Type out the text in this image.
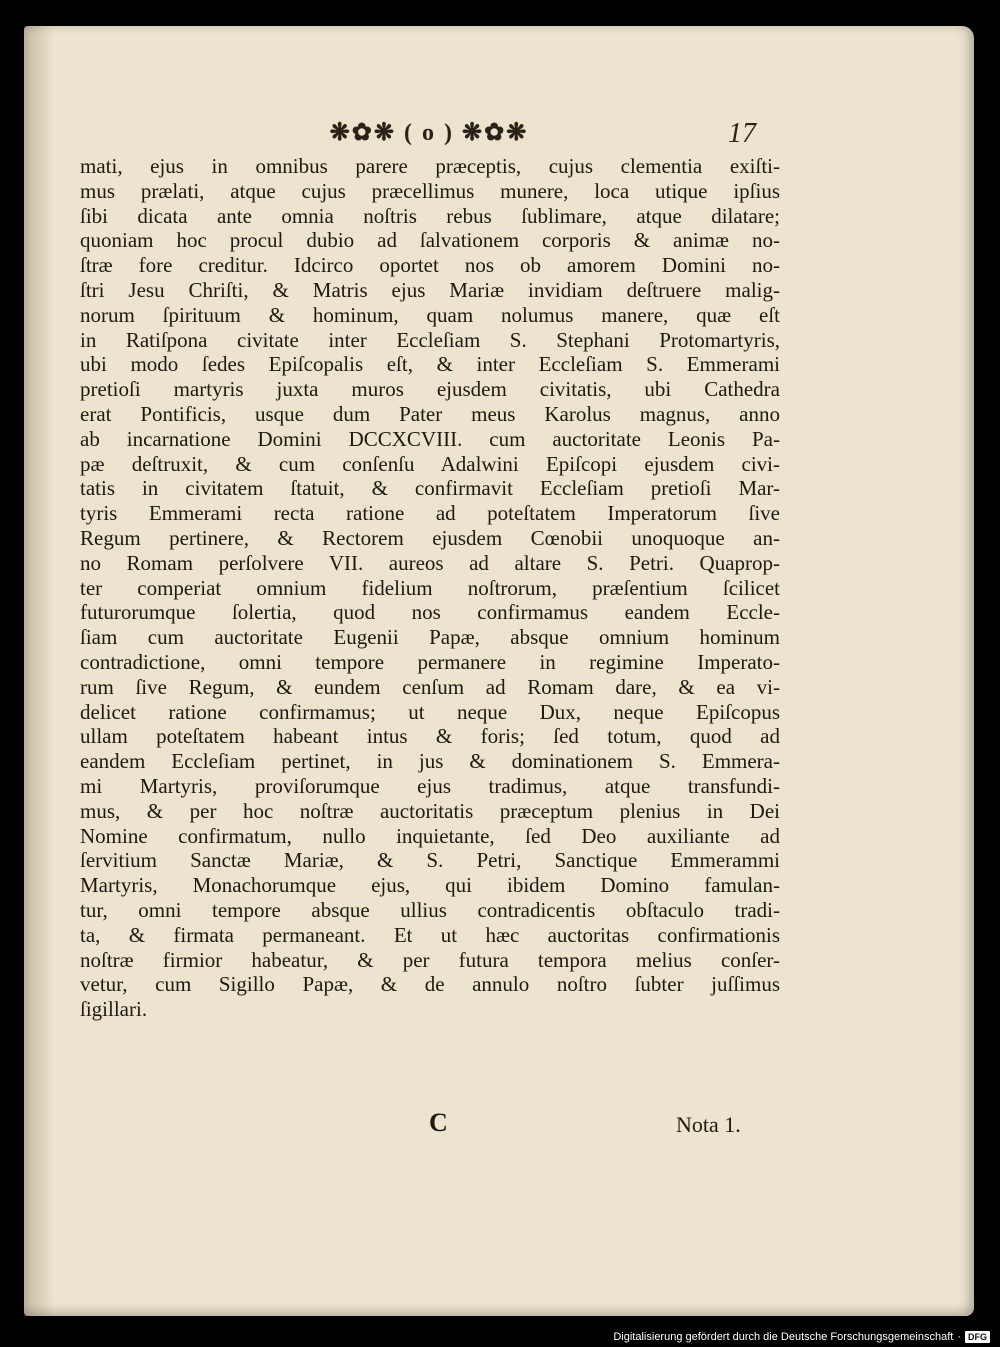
❋✿❋ ( o ) ❋✿❋	17
mati, ejus in omnibus parere præceptis, cujus clementia exiſti-
mus prælati, atque cujus præcellimus munere, loca utique ipſius
ſibi dicata ante omnia noſtris rebus ſublimare, atque dilatare;
quoniam hoc procul dubio ad ſalvationem corporis & animæ no-
ſtræ fore creditur. Idcirco oportet nos ob amorem Domini no-
ſtri Jesu Chriſti, & Matris ejus Mariæ invidiam deſtruere malig-
norum ſpirituum & hominum, quam nolumus manere, quæ eſt
in Ratiſpona civitate inter Eccleſiam S. Stephani Protomartyris,
ubi modo ſedes Epiſcopalis eſt, & inter Eccleſiam S. Emmerami
pretioſi martyris juxta muros ejusdem civitatis, ubi Cathedra
erat Pontificis, usque dum Pater meus Karolus magnus, anno
ab incarnatione Domini DCCXCVIII. cum auctoritate Leonis Pa-
pæ deſtruxit, & cum conſenſu Adalwini Epiſcopi ejusdem civi-
tatis in civitatem ſtatuit, & confirmavit Eccleſiam pretioſi Mar-
tyris Emmerami recta ratione ad poteſtatem Imperatorum ſive
Regum pertinere, & Rectorem ejusdem Cœnobii unoquoque an-
no Romam perſolvere VII. aureos ad altare S. Petri. Quaprop-
ter comperiat omnium fidelium noſtrorum, præſentium ſcilicet
futurorumque ſolertia, quod nos confirmamus eandem Eccle-
ſiam cum auctoritate Eugenii Papæ, absque omnium hominum
contradictione, omni tempore permanere in regimine Imperato-
rum ſive Regum, & eundem cenſum ad Romam dare, & ea vi-
delicet ratione confirmamus; ut neque Dux, neque Epiſcopus
ullam poteſtatem habeant intus & foris; ſed totum, quod ad
eandem Eccleſiam pertinet, in jus & dominationem S. Emmera-
mi Martyris, proviſorumque ejus tradimus, atque transfundi-
mus, & per hoc noſtræ auctoritatis præceptum plenius in Dei
Nomine confirmatum, nullo inquietante, ſed Deo auxiliante ad
ſervitium Sanctæ Mariæ, & S. Petri, Sanctique Emmerammi
Martyris, Monachorumque ejus, qui ibidem Domino famulan-
tur, omni tempore absque ullius contradicentis obſtaculo tradi-
ta, & firmata permaneant. Et ut hæc auctoritas confirmationis
noſtræ firmior habeatur, & per futura tempora melius conſer-
vetur, cum Sigillo Papæ, & de annulo noſtro ſubter juſſimus
ſigillari.
C	Nota 1.
Digitalisierung gefördert durch die Deutsche Forschungsgemeinschaft · DFG
